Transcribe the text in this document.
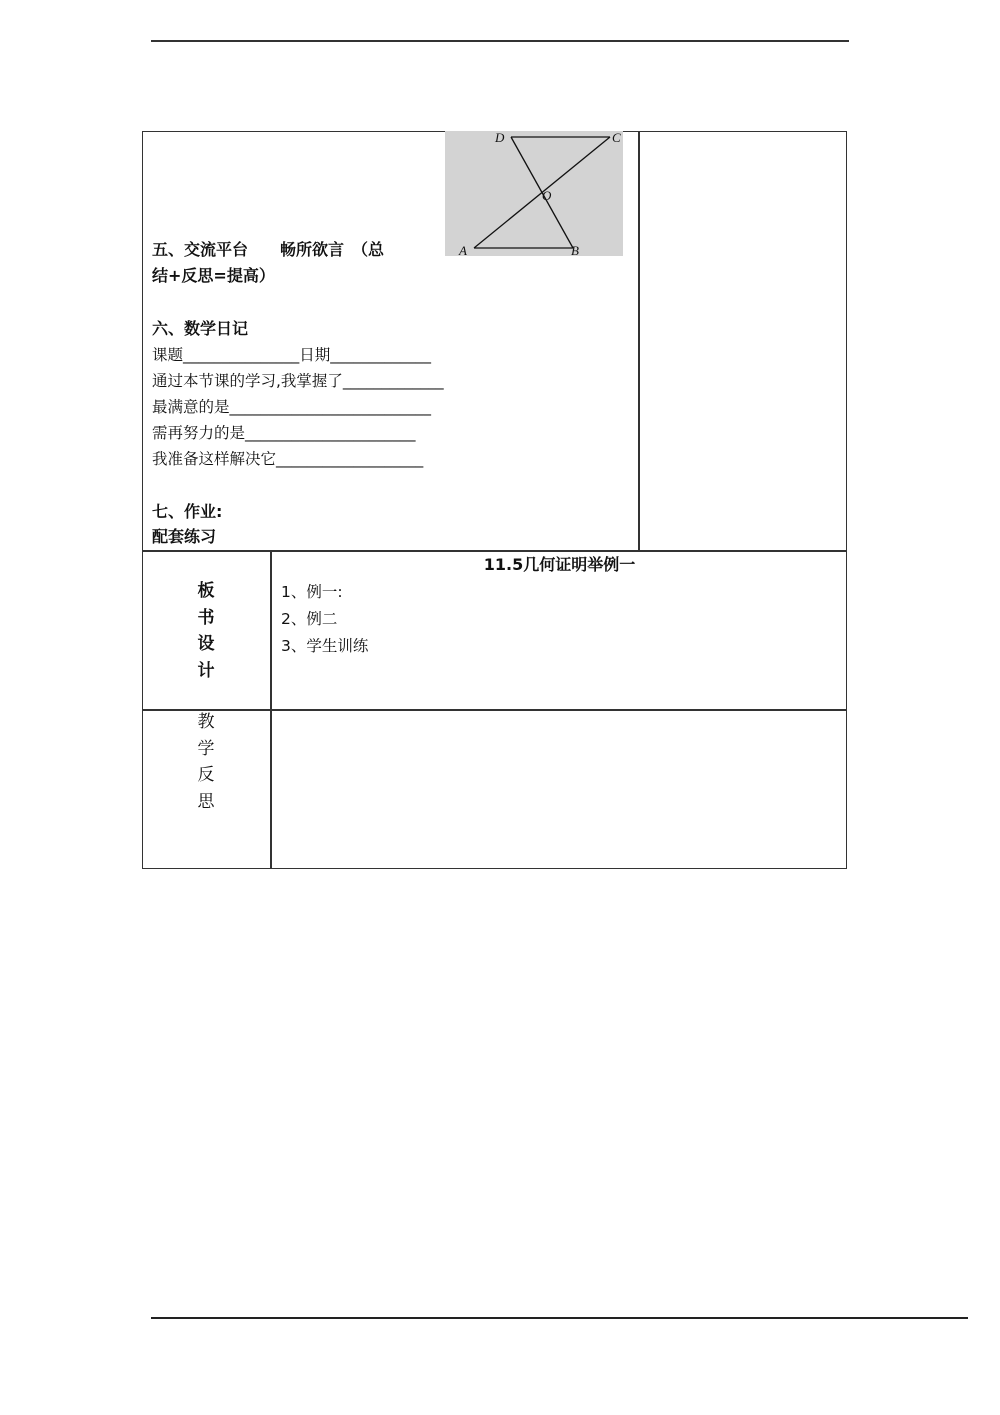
D	C
O
A	B
五、交流平台　　畅所欲言　（总
结+反思=提高）
六、数学日记
课题_______________日期_____________
通过本节课的学习,我掌握了_____________
最满意的是__________________________
需再努力的是______________________
我准备这样解决它___________________
七、作业:
配套练习
板
书
设
计
11.5几何证明举例一
1、例一:
2、例二
3、学生训练
教
学
反
思
